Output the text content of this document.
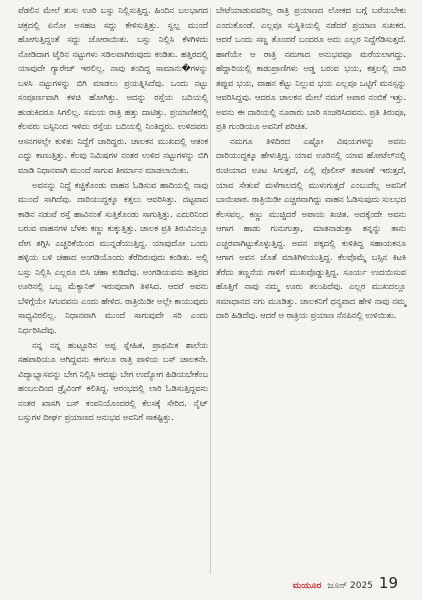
ಪೆಡಲಿನ ಮೇಲೆ ತುಸು ಊರಿ ಬಸ್ಸು ನಿಲ್ಲಿಸುತ್ತಿದ್ದ. ಹಿಂದಿನ ಬಲಭಾಗದ ಚಕ್ರದಲ್ಲಿ ಏನೋ ಅಸಹಜ ಸದ್ದು ಕೇಳಿಸುತ್ತಿತ್ತು. ಸ್ವಲ್ಪ ಮುಂದೆ ಹೋಗುತ್ತಿದ್ದಂತೆ ಸದ್ದು ಜೋರಾಯಿತು. ಬಸ್ಸು ನಿಲ್ಲಿಸಿ ಕೆಳಗಿಳಿದು ನೋಡಿದಾಗ ಟೈರಿನ ನಟ್ಟುಗಳು ಸಡಿಲವಾಗಿರುವುದು ಕಂಡಿತು. ಹತ್ತಿರದಲ್ಲಿ ಯಾವುದೇ ಗ್ಯಾರೇಜ್ ಇರಲಿಲ್ಲ. ನಾವು ತಂದಿದ್ದ ಸಾಮಾನು�ಗಳನ್ನು ಬಳಸಿ ನಟ್ಟುಗಳನ್ನು ಬಿಗಿ ಮಾಡಲು ಪ್ರಯತ್ನಿಸಿದೆವು. ಒಂದು ನಟ್ಟು ಸಂಪೂರ್ಣವಾಗಿ ಕಳಚಿ ಹೋಗಿತ್ತು. ಅದನ್ನು ರಸ್ತೆಯ ಬದಿಯಲ್ಲಿ ಹುಡುಕಿದರೂ ಸಿಗಲಿಲ್ಲ. ಸಮಯ ರಾತ್ರಿ ಹತ್ತು ದಾಟಿತ್ತು. ಪ್ರಯಾಣಿಕರಲ್ಲಿ ಕೆಲವರು ಬಸ್ಸಿನಿಂದ ಇಳಿದು ರಸ್ತೆಯ ಬದಿಯಲ್ಲಿ ನಿಂತಿದ್ದರು. ಉಳಿದವರು ಆಸನಗಳಲ್ಲೇ ಕುಳಿತು ನಿದ್ದೆಗೆ ಜಾರಿದ್ದರು. ಚಾಲಕನ ಮುಖದಲ್ಲಿ ಆತಂಕ ಎದ್ದು ಕಾಣುತ್ತಿತ್ತು. ಕೆಲವು ನಿಮಿಷಗಳ ನಂತರ ಉಳಿದ ನಟ್ಟುಗಳನ್ನು ಬಿಗಿ ಮಾಡಿ ನಿಧಾನವಾಗಿ ಮುಂದೆ ಸಾಗುವ ತೀರ್ಮಾನ ಮಾಡಲಾಯಿತು.

ಅವನನ್ನು ನಿದ್ದೆ ಕಚ್ಚಿಕೊಂಡು ವಾಹನ ಓಡಿಸುವ ಹಾದಿಯಲ್ಲಿ ನಾವು ಮುಂದೆ ಸಾಗಿದೆವು. ದಾರಿಯುದ್ದಕ್ಕೂ ಕತ್ತಲು ಆವರಿಸಿತ್ತು. ದಟ್ಟವಾದ ಕಾಡಿನ ನಡುವೆ ರಸ್ತೆ ಹಾವಿನಂತೆ ಸುತ್ತಿಕೊಂಡು ಸಾಗುತ್ತಿತ್ತು. ಎದುರಿನಿಂದ ಬರುವ ವಾಹನಗಳ ಬೆಳಕು ಕಣ್ಣು ಕುಕ್ಕುತ್ತಿತ್ತು. ಚಾಲಕ ಪ್ರತಿ ತಿರುವಿನಲ್ಲೂ ವೇಗ ತಗ್ಗಿಸಿ ಎಚ್ಚರಿಕೆಯಿಂದ ಮುನ್ನಡೆಯುತ್ತಿದ್ದ. ಯಾವುದೋ ಒಂದು ಹಳ್ಳಿಯ ಬಳಿ ಚಹಾದ ಅಂಗಡಿಯೊಂದು ತೆರೆದಿರುವುದು ಕಂಡಿತು. ಅಲ್ಲಿ ಬಸ್ಸು ನಿಲ್ಲಿಸಿ ಎಲ್ಲರೂ ಬಿಸಿ ಚಹಾ ಕುಡಿದೆವು. ಅಂಗಡಿಯವನು ಹತ್ತಿರದ ಊರಿನಲ್ಲಿ ಒಬ್ಬ ಮೆಕ್ಯಾನಿಕ್ ಇರುವುದಾಗಿ ತಿಳಿಸಿದ. ಆದರೆ ಅವನು ಬೆಳಿಗ್ಗೆಯೇ ಸಿಗುವವನು ಎಂದು ಹೇಳಿದ. ರಾತ್ರಿಯಿಡೀ ಅಲ್ಲೇ ಕಾಯುವುದು ಸಾಧ್ಯವಿರಲಿಲ್ಲ. ನಿಧಾನವಾಗಿ ಮುಂದೆ ಸಾಗುವುದೇ ಸರಿ ಎಂದು ನಿರ್ಧರಿಸಿದೆವು.

ನನ್ನ ನನ್ನ ಹುಟ್ಟೂರಿನ ಅಪ್ಪ ಸ್ನೇಹಿತ, ಪ್ರಾಥಮಿಕ ಶಾಲೆಯ ಸಹಪಾಠಿಯೂ ಆಗಿದ್ದವನು ಈಗಲೂ ರಾತ್ರಿ ಪಾಳಿಯ ಬಸ್ ಚಾಲಕನೇ. ವಿದ್ಯಾಭ್ಯಾಸವನ್ನು ಬೇಗ ನಿಲ್ಲಿಸಿ ಆದಷ್ಟು ಬೇಗ ಉದ್ಯೋಗ ಹಿಡಿಯಬೇಕೆಂಬ ಹಂಬಲದಿಂದ ಡ್ರೈವಿಂಗ್ ಕಲಿತಿದ್ದ. ಆರಂಭದಲ್ಲಿ ಲಾರಿ ಓಡಿಸುತ್ತಿದ್ದವನು ನಂತರ ಖಾಸಗಿ ಬಸ್ ಕಂಪನಿಯೊಂದರಲ್ಲಿ ಕೆಲಸಕ್ಕೆ ಸೇರಿದ. ನೈಟ್ ಬಸ್ಸುಗಳ ದೀರ್ಘ ಪ್ರಯಾಣದ ಅನುಭವ ಅವನಿಗೆ ಸಾಕಷ್ಟಿತ್ತು.

ಬೇಟೆಯಾಡುವವರಿಲ್ಲ ರಾತ್ರಿ ಪ್ರಯಾಣದ ಲೋಕದ ಬಗ್ಗೆ ಬರೆಯಬೇಕು ಎಂದುಕೊಂಡೆ. ಎಲ್ಲವೂ ಸುಸ್ಥಿತಿಯಲ್ಲಿ ನಡೆದರೆ ಪ್ರಯಾಣ ಸುಖಕರ. ಆದರೆ ಒಂದು ಸಣ್ಣ ತೊಂದರೆ ಬಂದರೂ ಅದು ಎಲ್ಲರ ನಿದ್ದೆಗೆಡಿಸುತ್ತದೆ. ಹಾಗೆಯೇ ಆ ರಾತ್ರಿ ನಮಗಾದ ಅನುಭವವೂ ಮರೆಯಲಾಗದ್ದು. ಹೆದ್ದಾರಿಯಲ್ಲಿ ಕಾಡುಪ್ರಾಣಿಗಳು ಅಡ್ಡ ಬರುವ ಭಯ, ಕತ್ತಲಲ್ಲಿ ದಾರಿ ತಪ್ಪುವ ಭಯ, ವಾಹನ ಕೆಟ್ಟು ನಿಲ್ಲುವ ಭಯ ಎಲ್ಲವೂ ಒಟ್ಟಿಗೆ ಮನಸ್ಸನ್ನು ಆವರಿಸಿದ್ದವು. ಆದರೂ ಚಾಲಕನ ಮೇಲೆ ನಮಗೆ ಅಪಾರ ನಂಬಿಕೆ ಇತ್ತು. ಅವನು ಈ ದಾರಿಯಲ್ಲಿ ನೂರಾರು ಬಾರಿ ಸಂಚರಿಸಿದವನು. ಪ್ರತಿ ತಿರುವೂ, ಪ್ರತಿ ಗುಂಡಿಯೂ ಅವನಿಗೆ ಪರಿಚಿತ.

ನಮಗೂ ತಿಳಿದಿರದ ಎಷ್ಟೋ ವಿಷಯಗಳನ್ನು ಅವನು ದಾರಿಯುದ್ದಕ್ಕೂ ಹೇಳುತ್ತಿದ್ದ. ಯಾವ ಊರಿನಲ್ಲಿ ಯಾವ ಹೋಟೆಲ್‌ನಲ್ಲಿ ರುಚಿಯಾದ ಊಟ ಸಿಗುತ್ತದೆ, ಎಲ್ಲಿ ಪೊಲೀಸ್ ತಪಾಸಣೆ ಇರುತ್ತದೆ, ಯಾವ ಸೇತುವೆ ಮಳೆಗಾಲದಲ್ಲಿ ಮುಳುಗುತ್ತದೆ ಎಂಬುದೆಲ್ಲ ಅವನಿಗೆ ಬಾಯಿಪಾಠ. ರಾತ್ರಿಯಿಡೀ ಎಚ್ಚರವಾಗಿದ್ದು ವಾಹನ ಓಡಿಸುವುದು ಸುಲಭದ ಕೆಲಸವಲ್ಲ. ಕಣ್ಣು ಮುಚ್ಚಿದರೆ ಅಪಾಯ ಖಚಿತ. ಅದಕ್ಕೆಂದೇ ಅವನು ಆಗಾಗ ಹಾಡು ಗುನುಗುತ್ತಾ, ಮಾತನಾಡುತ್ತಾ ತನ್ನನ್ನು ತಾನು ಎಚ್ಚರವಾಗಿಟ್ಟುಕೊಳ್ಳುತ್ತಿದ್ದ. ಅವನ ಪಕ್ಕದಲ್ಲಿ ಕುಳಿತಿದ್ದ ಸಹಾಯಕನೂ ಆಗಾಗ ಅವನ ಜೊತೆ ಮಾತಿಗಿಳಿಯುತ್ತಿದ್ದ. ಕೆಲವೊಮ್ಮೆ ಬಸ್ಸಿನ ಕಿಟಕಿ ತೆರೆದು ತಣ್ಣನೆಯ ಗಾಳಿಗೆ ಮುಖವೊಡ್ಡುತ್ತಿದ್ದ. ಸೂರ್ಯ ಉದಯಿಸುವ ಹೊತ್ತಿಗೆ ನಾವು ನಮ್ಮ ಊರು ತಲುಪಿದೆವು. ಎಲ್ಲರ ಮುಖದಲ್ಲೂ ಸಮಾಧಾನದ ನಗು ಮೂಡಿತ್ತು. ಚಾಲಕನಿಗೆ ಧನ್ಯವಾದ ಹೇಳಿ ನಾವು ನಮ್ಮ ದಾರಿ ಹಿಡಿದೆವು. ಆದರೆ ಆ ರಾತ್ರಿಯ ಪ್ರಯಾಣ ನೆನಪಿನಲ್ಲಿ ಉಳಿಯಿತು.

ಮಯೂರ ಜೂನ್ 2025 19
